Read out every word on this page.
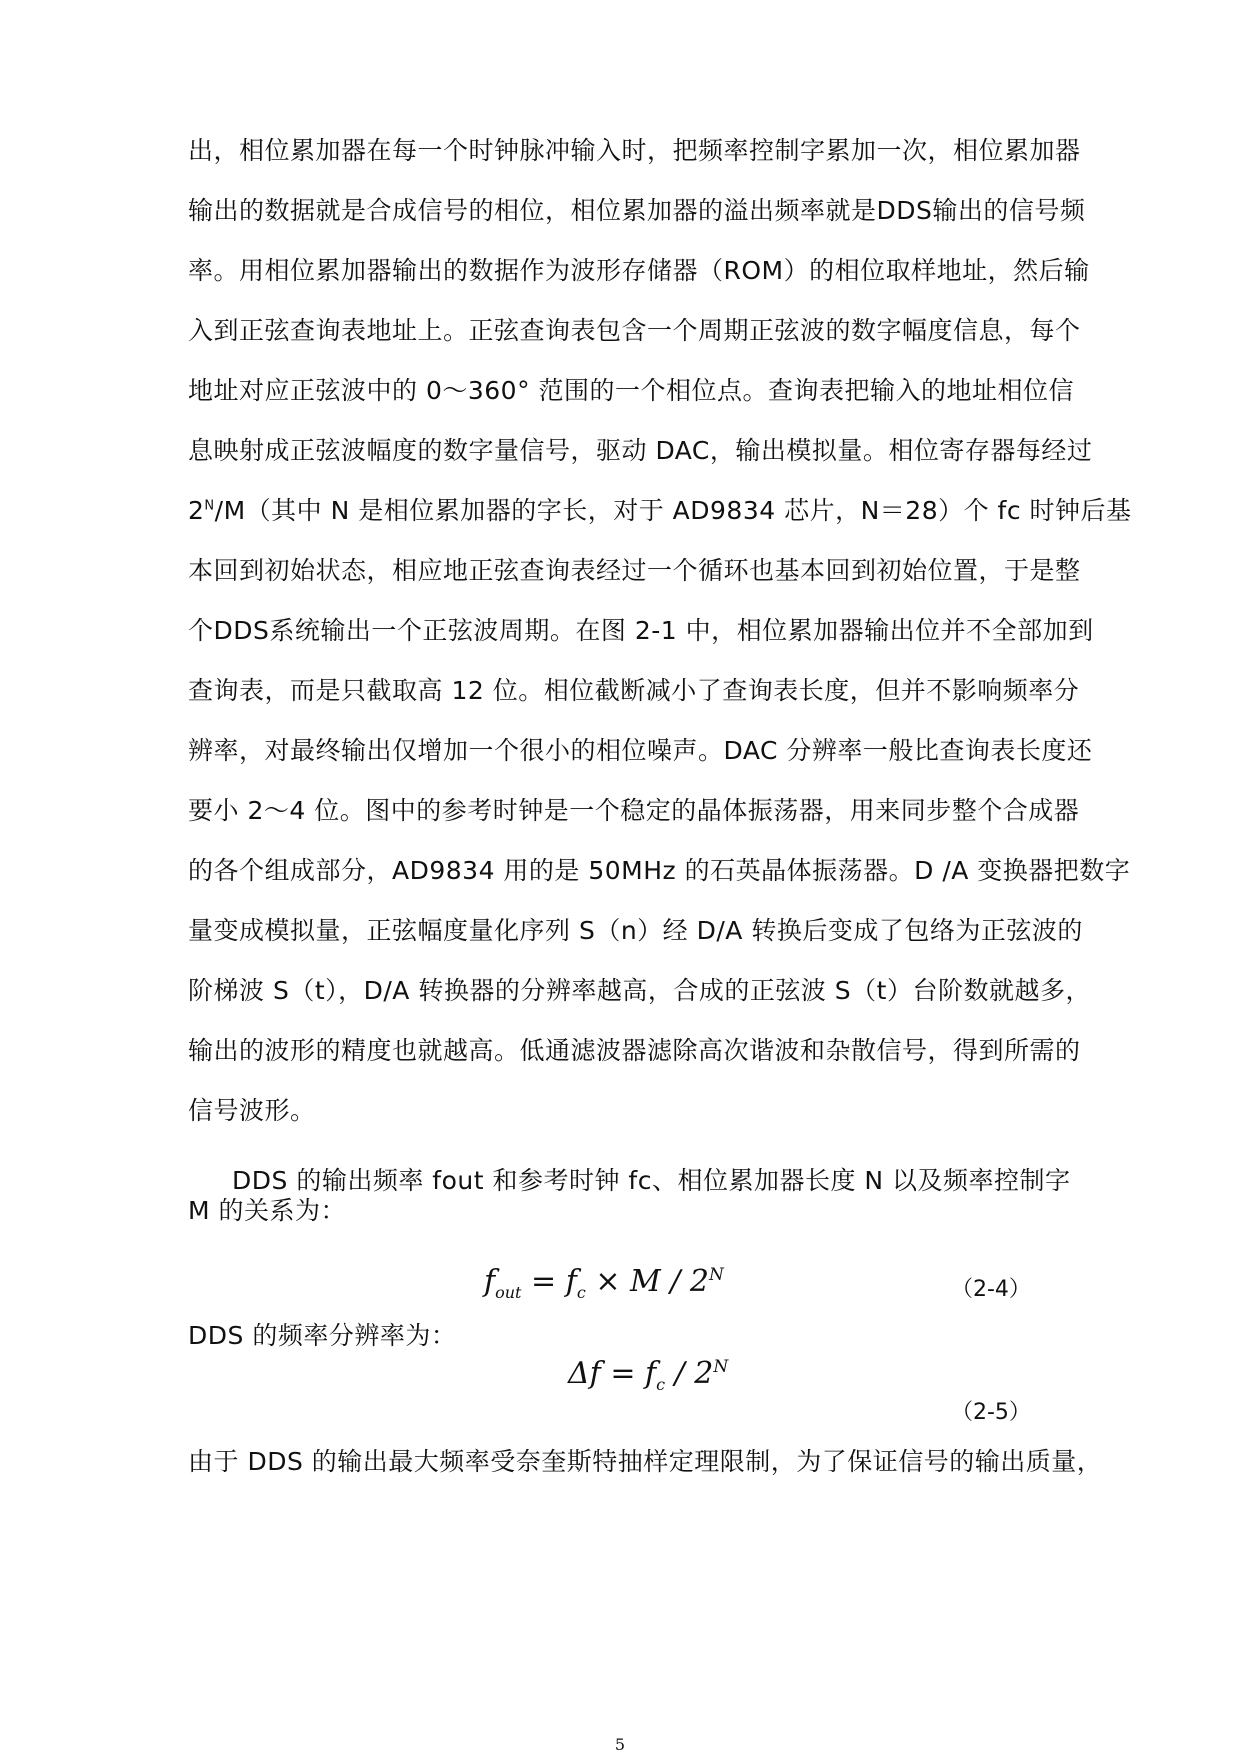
出，相位累加器在每一个时钟脉冲输入时，把频率控制字累加一次，相位累加器
输出的数据就是合成信号的相位，相位累加器的溢出频率就是DDS输出的信号频
率。用相位累加器输出的数据作为波形存储器（ROM）的相位取样地址，然后输
入到正弦查询表地址上。正弦查询表包含一个周期正弦波的数字幅度信息，每个
地址对应正弦波中的 0～360° 范围的一个相位点。查询表把输入的地址相位信
息映射成正弦波幅度的数字量信号，驱动 DAC，输出模拟量。相位寄存器每经过
$2^N/M$（其中 N 是相位累加器的字长，对于 AD9834 芯片，N＝28）个 fc 时钟后基
本回到初始状态，相应地正弦查询表经过一个循环也基本回到初始位置，于是整
个DDS系统输出一个正弦波周期。在图 2-1 中，相位累加器输出位并不全部加到
查询表，而是只截取高 12 位。相位截断减小了查询表长度，但并不影响频率分
辨率，对最终输出仅增加一个很小的相位噪声。DAC 分辨率一般比查询表长度还
要小 2～4 位。图中的参考时钟是一个稳定的晶体振荡器，用来同步整个合成器
的各个组成部分，AD9834 用的是 50MHz 的石英晶体振荡器。D /A 变换器把数字
量变成模拟量，正弦幅度量化序列 S（n）经 D/A 转换后变成了包络为正弦波的
阶梯波 S（t），D/A 转换器的分辨率越高，合成的正弦波 S（t）台阶数就越多，
输出的波形的精度也就越高。低通滤波器滤除高次谐波和杂散信号，得到所需的
信号波形。
DDS 的输出频率 fout 和参考时钟 fc、相位累加器长度 N 以及频率控制字
M 的关系为：
$f_{out} = f_c \times M / 2^N$
（2-4）
DDS 的频率分辨率为：
$\Delta f = f_c / 2^N$
（2-5）
由于 DDS 的输出最大频率受奈奎斯特抽样定理限制，为了保证信号的输出质量，
5
